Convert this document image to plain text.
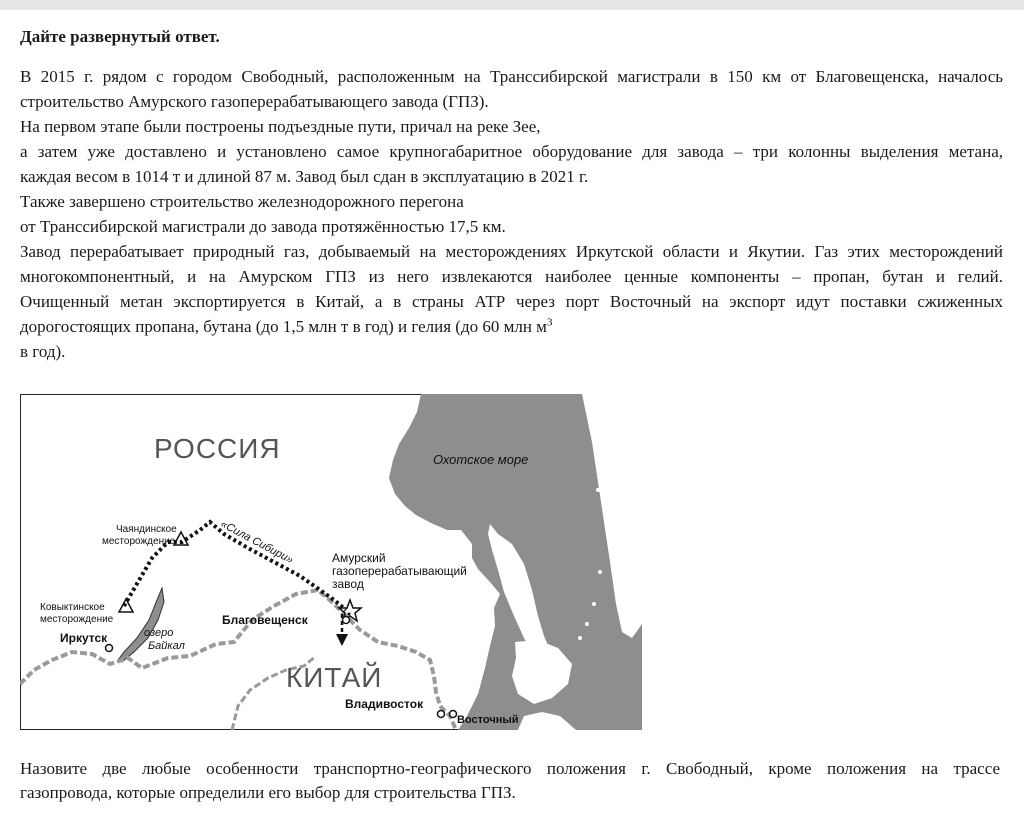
Дайте развернутый ответ.

В 2015 г. рядом с городом Свободный, расположенным на Транссибирской магистрали в 150 км от Благовещенска, началось
строительство Амурского газоперерабатывающего завода (ГПЗ).
На первом этапе были построены подъездные пути, причал на реке Зее,
а затем уже доставлено и установлено самое крупногабаритное оборудование для завода – три колонны выделения метана,
каждая весом в 1014 т и длиной 87 м. Завод был сдан в эксплуатацию в 2021 г.
Также завершено строительство железнодорожного перегона
от Транссибирской магистрали до завода протяжённостью 17,5 км.
Завод перерабатывает природный газ, добываемый на месторождениях Иркутской области и Якутии. Газ этих месторождений
многокомпонентный, и на Амурском ГПЗ из него извлекаются наиболее ценные компоненты – пропан, бутан и гелий.
Очищенный метан экспортируется в Китай, а в страны АТР через порт Восточный на экспорт идут поставки сжиженных
дорогостоящих пропана, бутана (до 1,5 млн т в год) и гелия (до 60 млн $м^3$
в год).
РОССИЯ
КИТАЙ
Охотское море
Чаяндинское
месторождение
Ковыктинское
месторождение
«Сила Сибири»	Амурский
газоперерабатывающий
завод
Благовещенск
Иркутск	озеро
Байкал
Владивосток
Восточный
Назовите две любые особенности транспортно-географического положения г. Свободный, кроме положения на трассе
газопровода, которые определили его выбор для строительства ГПЗ.
